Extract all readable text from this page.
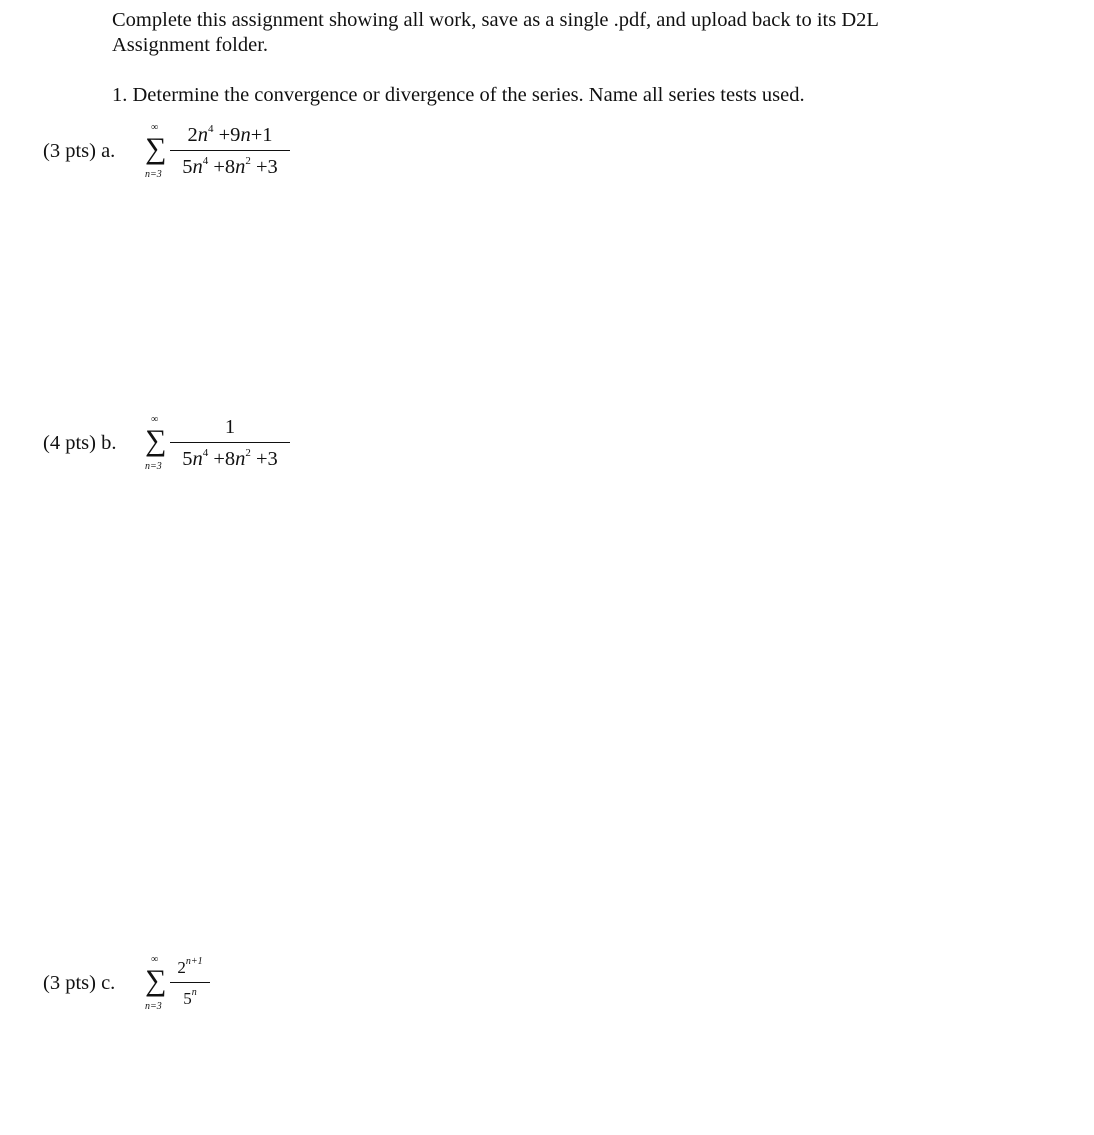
Complete this assignment showing all work, save as a single .pdf, and upload back to its D2L
Assignment folder.
1. Determine the convergence or divergence of the series. Name all series tests used.
(3 pts) a.
∞
∑
n=3
$2n^4 +9n+1$
$5n^4 +8n^2 +3$
(4 pts) b.
∞
∑
n=3
1
$5n^4 +8n^2 +3$
(3 pts) c.
∞
∑
n=3
$2^{n+1}$
5$^n$
